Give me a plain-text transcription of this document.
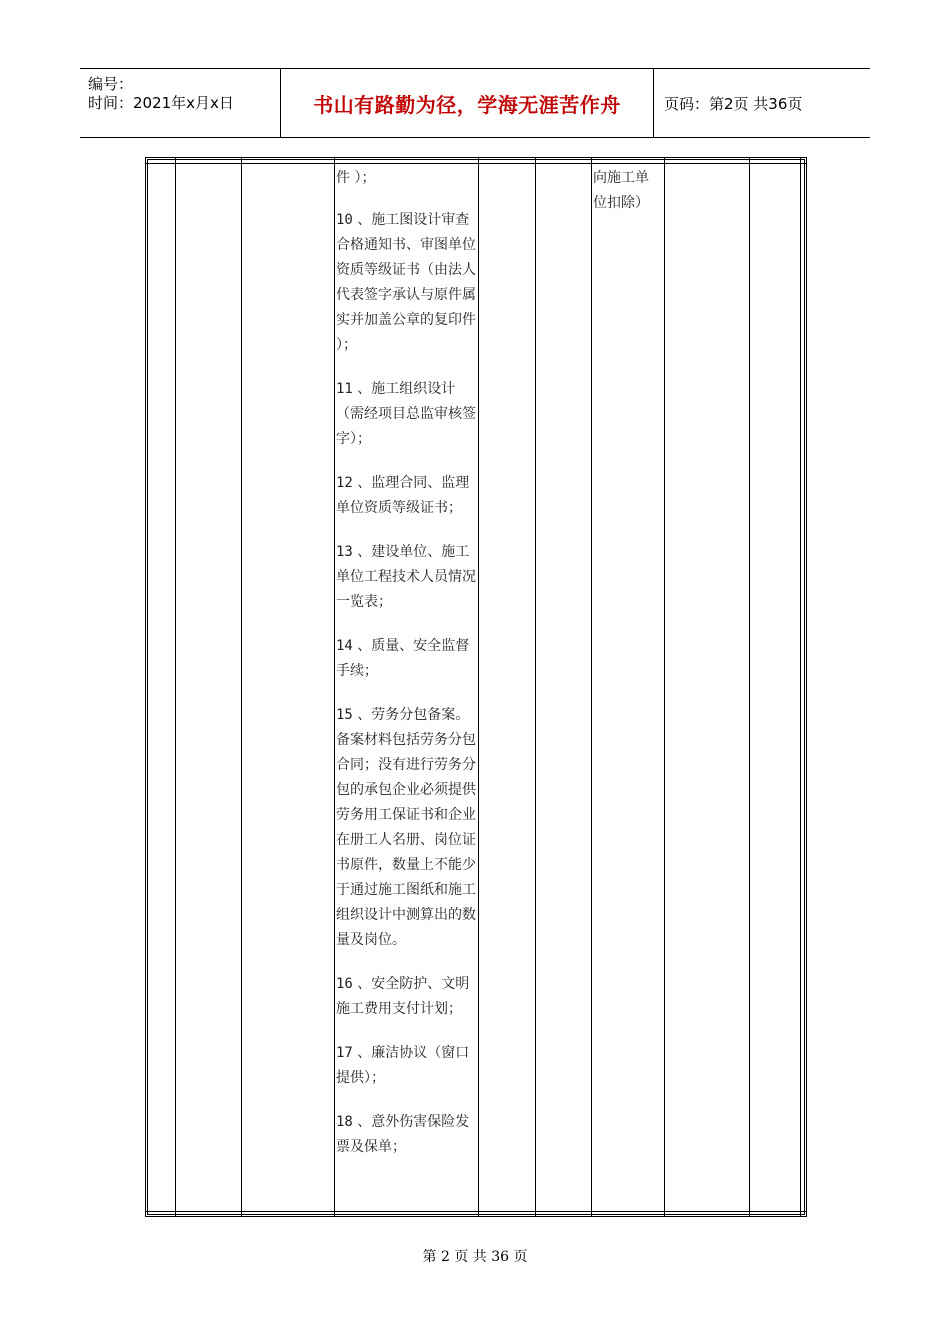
编号：
时间：2021年x月x日	书山有路勤为径，学海无涯苦作舟	页码：第2页 共36页

件 ）；

10 、施工图设计审查合格通知书、审图单位资质等级证书（由法人代表签字承认与原件属实并加盖公章的复印件 ）；

11 、施工组织设计（需经项目总监审核签字）；

12 、监理合同、监理单位资质等级证书；

13 、建设单位、施工单位工程技术人员情况一览表；

14 、质量、安全监督手续；

15 、劳务分包备案。备案材料包括劳务分包合同；没有进行劳务分包的承包企业必须提供劳务用工保证书和企业在册工人名册、岗位证书原件，数量上不能少于通过施工图纸和施工组织设计中测算出的数量及岗位。

16 、安全防护、文明施工费用支付计划；

17 、廉洁协议（窗口提供）；

18 、意外伤害保险发票及保单；

向施工单位扣除）
第 2 页 共 36 页
